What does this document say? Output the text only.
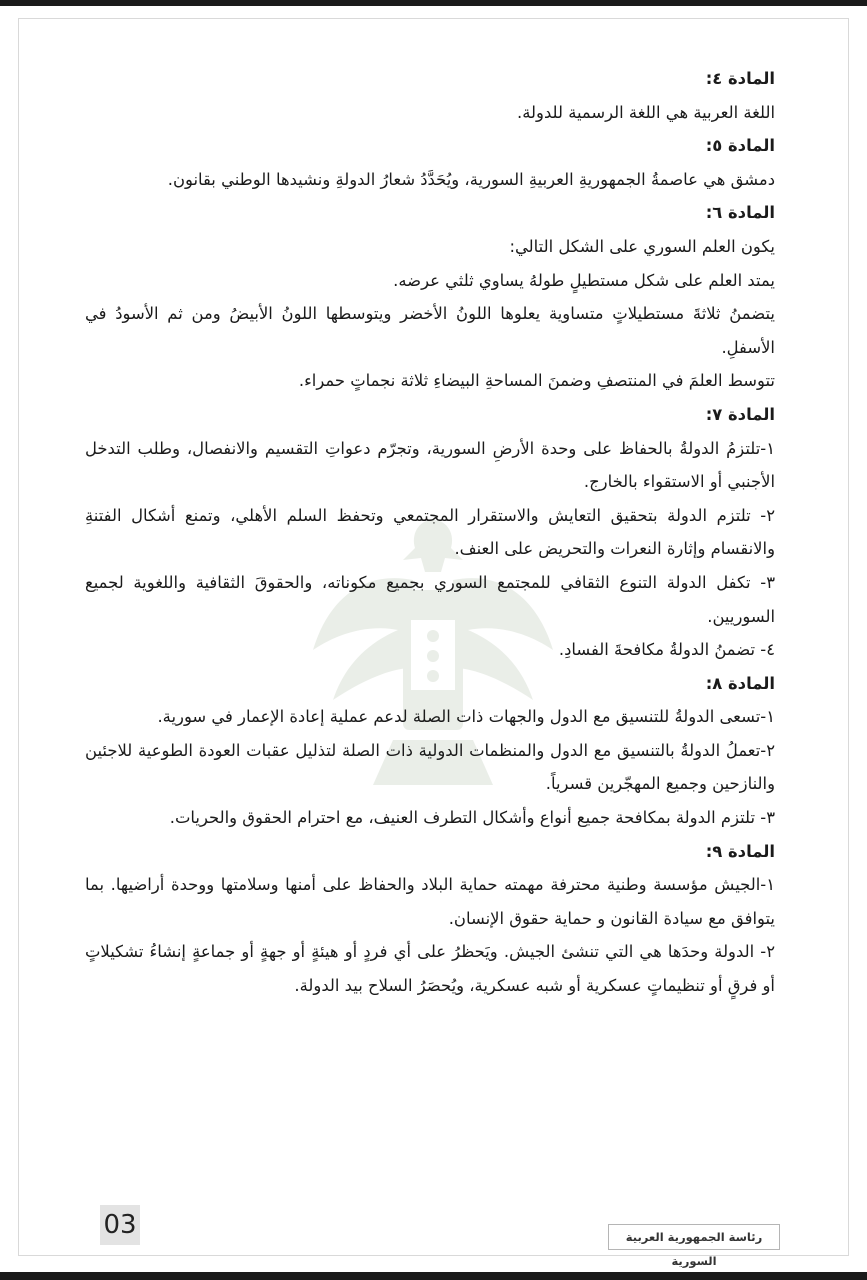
المادة ٤:

اللغة العربية هي اللغة الرسمية للدولة.

المادة ٥:

دمشق هي عاصمةُ الجمهوريةِ العربيةِ السورية، ويُحَدَّدُ شعارُ الدولةِ ونشيدها الوطني بقانون.

المادة ٦:

يكون العلم السوري على الشكل التالي:

يمتد العلم على شكل مستطيلٍ طولهُ يساوي ثلثي عرضه.

يتضمنُ ثلاثةَ مستطيلاتٍ متساوية يعلوها اللونُ الأخضر ويتوسطها اللونُ الأبيضُ ومن ثم الأسودُ في الأسفلِ.

تتوسط العلمَ في المنتصفِ وضمنَ المساحةِ البيضاءِ ثلاثة نجماتٍ حمراء.

المادة ٧:

١-تلتزمُ الدولةُ بالحفاظ على وحدة الأرضِ السورية، وتجرّم دعواتِ التقسيم والانفصال، وطلب التدخل الأجنبي أو الاستقواء بالخارج.

٢- تلتزم الدولة بتحقيق التعايش والاستقرار المجتمعي وتحفظ السلم الأهلي، وتمنع أشكال الفتنةِ والانقسام وإثارة النعرات والتحريض على العنف.

٣- تكفل الدولة التنوع الثقافي للمجتمع السوري بجميع مكوناته، والحقوقَ الثقافية واللغوية لجميع السوريين.

٤- تضمنُ الدولةُ مكافحةَ الفسادِ.

المادة ٨:

١-تسعى الدولةُ للتنسيق مع الدول والجهات ذات الصلة لدعم عملية إعادة الإعمار في سورية.

٢-تعملُ الدولةُ بالتنسيق مع الدول والمنظمات الدولية ذات الصلة لتذليل عقبات العودة الطوعية للاجئين والنازحين وجميع المهجّرين قسرياً.

٣- تلتزم الدولة بمكافحة جميع أنواع وأشكال التطرف العنيف، مع احترام الحقوق والحريات.

المادة ٩:

١-الجيش مؤسسة وطنية محترفة مهمته حماية البلاد والحفاظ على أمنها وسلامتها ووحدة أراضيها. بما يتوافق مع سيادة القانون و حماية حقوق الإنسان.

٢- الدولة وحدَها هي التي تنشئ الجيش. ويَحظرُ على أي فردٍ أو هيئةٍ أو جهةٍ أو جماعةٍ إنشاءُ تشكيلاتٍ أو فرقٍ أو تنظيماتٍ عسكرية أو شبه عسكرية، ويُحصَرُ السلاح بيد الدولة.

03	رئاسة الجمهورية العربية السورية
